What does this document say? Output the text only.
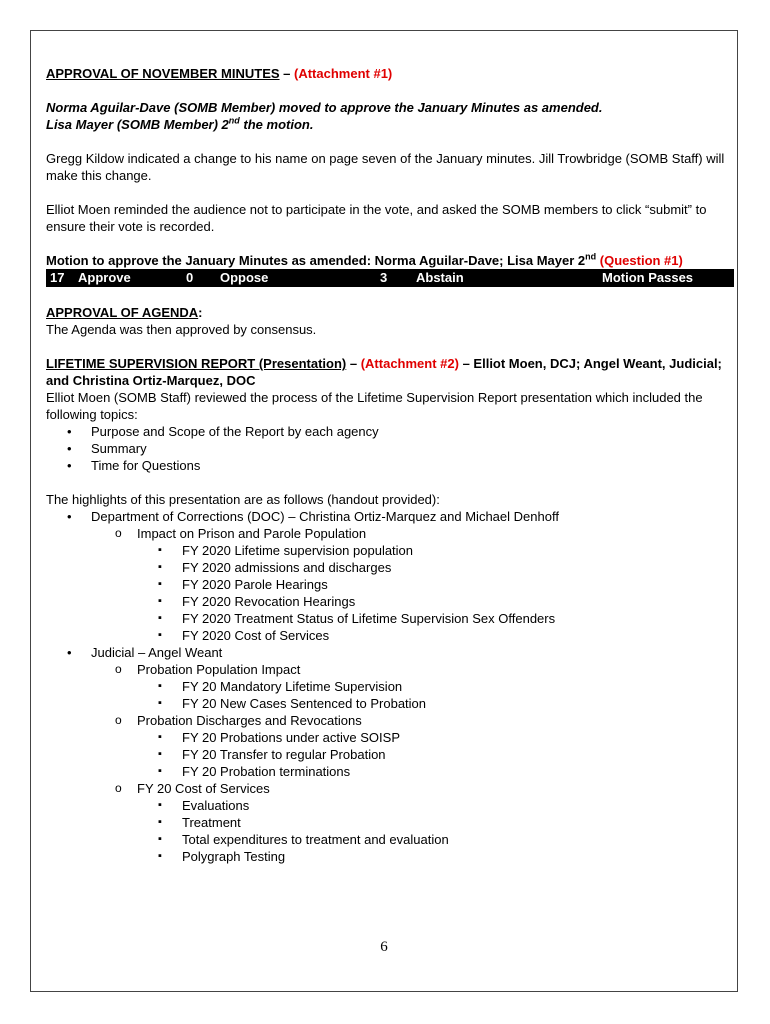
APPROVAL OF NOVEMBER MINUTES – (Attachment #1)

Norma Aguilar-Dave (SOMB Member) moved to approve the January Minutes as amended.
Lisa Mayer (SOMB Member) 2nd the motion.

Gregg Kildow indicated a change to his name on page seven of the January minutes. Jill Trowbridge (SOMB Staff) will make this change.

Elliot Moen reminded the audience not to participate in the vote, and asked the SOMB members to click “submit” to ensure their vote is recorded.

Motion to approve the January Minutes as amended: Norma Aguilar-Dave; Lisa Mayer 2nd (Question #1)

17	Approve	0	Oppose	3	Abstain	Motion Passes

APPROVAL OF AGENDA:

The Agenda was then approved by consensus.

LIFETIME SUPERVISION REPORT (Presentation) – (Attachment #2) – Elliot Moen, DCJ; Angel Weant, Judicial; and Christina Ortiz-Marquez, DOC

Elliot Moen (SOMB Staff) reviewed the process of the Lifetime Supervision Report presentation which included the following topics:

• Purpose and Scope of the Report by each agency
• Summary
• Time for Questions

The highlights of this presentation are as follows (handout provided):

• Department of Corrections (DOC) – Christina Ortiz-Marquez and Michael Denhoff
o Impact on Prison and Parole Population
▪ FY 2020 Lifetime supervision population
▪ FY 2020 admissions and discharges
▪ FY 2020 Parole Hearings
▪ FY 2020 Revocation Hearings
▪ FY 2020 Treatment Status of Lifetime Supervision Sex Offenders
▪ FY 2020 Cost of Services
• Judicial – Angel Weant
o Probation Population Impact
▪ FY 20 Mandatory Lifetime Supervision
▪ FY 20 New Cases Sentenced to Probation
o Probation Discharges and Revocations
▪ FY 20 Probations under active SOISP
▪ FY 20 Transfer to regular Probation
▪ FY 20 Probation terminations
o FY 20 Cost of Services
▪ Evaluations
▪ Treatment
▪ Total expenditures to treatment and evaluation
▪ Polygraph Testing
6
